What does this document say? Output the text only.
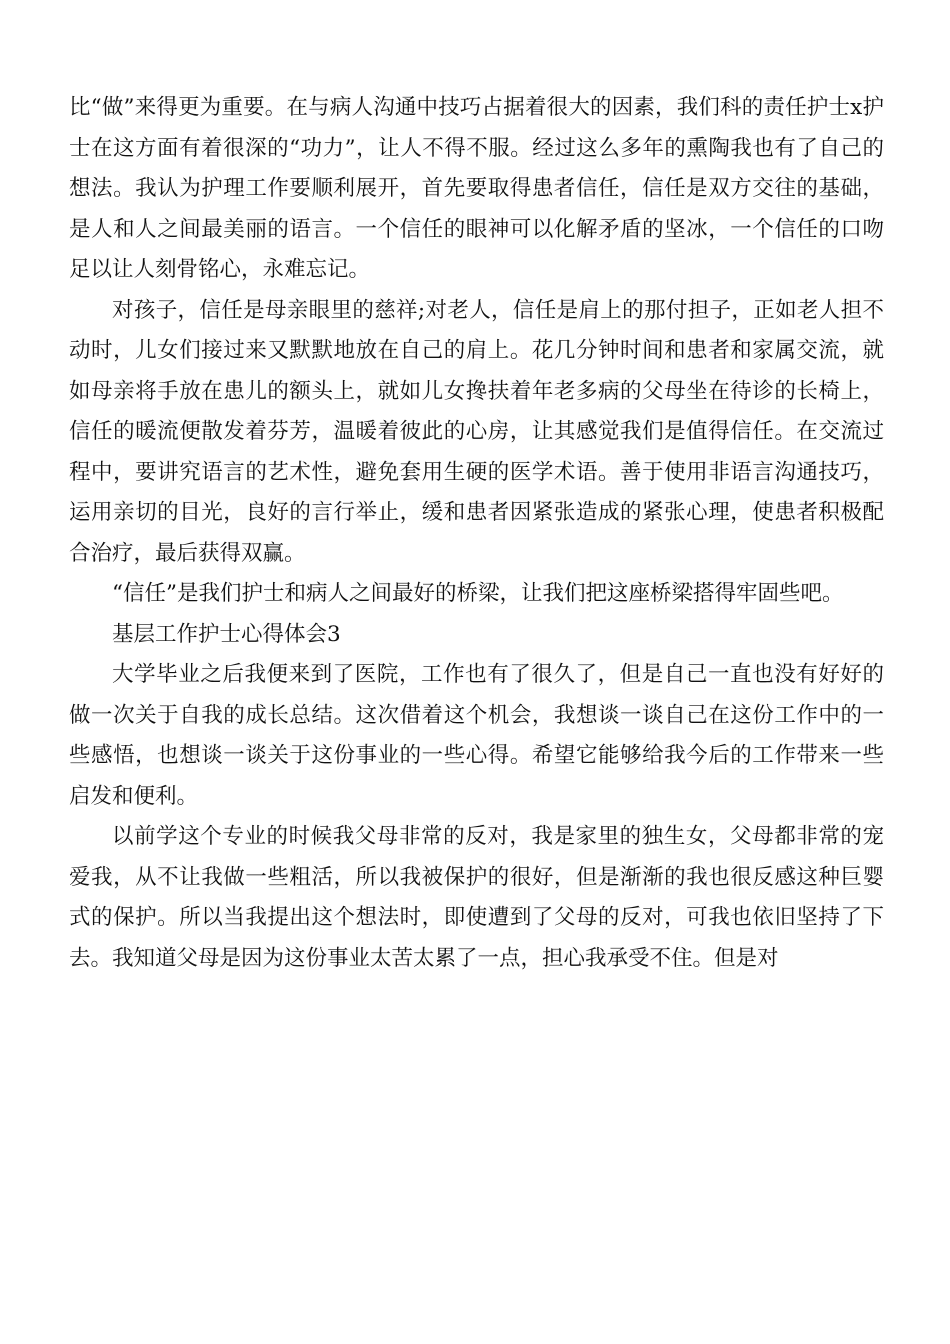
比“做”来得更为重要。在与病人沟通中技巧占据着很大的因素，我们科的责任护士x护士在这方面有着很深的“功力”，让人不得不服。经过这么多年的熏陶我也有了自己的想法。我认为护理工作要顺利展开，首先要取得患者信任，信任是双方交往的基础，是人和人之间最美丽的语言。一个信任的眼神可以化解矛盾的坚冰，一个信任的口吻足以让人刻骨铭心，永难忘记。

对孩子，信任是母亲眼里的慈祥;对老人，信任是肩上的那付担子，正如老人担不动时，儿女们接过来又默默地放在自己的肩上。花几分钟时间和患者和家属交流，就如母亲将手放在患儿的额头上，就如儿女搀扶着年老多病的父母坐在待诊的长椅上，信任的暖流便散发着芬芳，温暖着彼此的心房，让其感觉我们是值得信任。在交流过程中，要讲究语言的艺术性，避免套用生硬的医学术语。善于使用非语言沟通技巧，运用亲切的目光，良好的言行举止，缓和患者因紧张造成的紧张心理，使患者积极配合治疗，最后获得双赢。

“信任”是我们护士和病人之间最好的桥梁，让我们把这座桥梁搭得牢固些吧。

基层工作护士心得体会3

大学毕业之后我便来到了医院，工作也有了很久了，但是自己一直也没有好好的做一次关于自我的成长总结。这次借着这个机会，我想谈一谈自己在这份工作中的一些感悟，也想谈一谈关于这份事业的一些心得。希望它能够给我今后的工作带来一些启发和便利。

以前学这个专业的时候我父母非常的反对，我是家里的独生女，父母都非常的宠爱我，从不让我做一些粗活，所以我被保护的很好，但是渐渐的我也很反感这种巨婴式的保护。所以当我提出这个想法时，即使遭到了父母的反对，可我也依旧坚持了下去。我知道父母是因为这份事业太苦太累了一点，担心我承受不住。但是对
